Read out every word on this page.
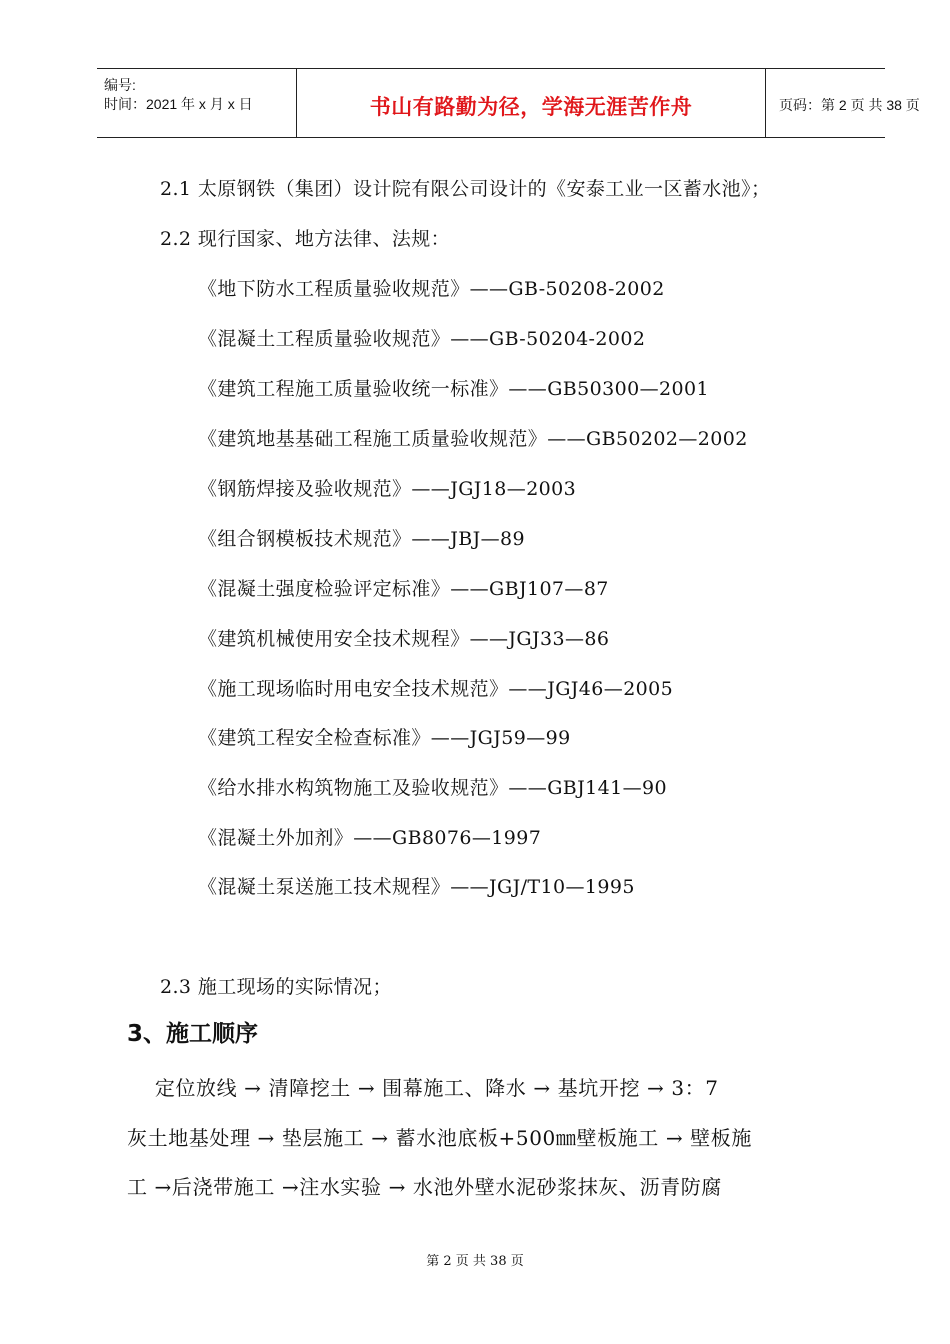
编号:
时间：2021 年 x 月 x 日	书山有路勤为径，学海无涯苦作舟	页码：第 2 页 共 38 页
2.1 太原钢铁（集团）设计院有限公司设计的《安泰工业一区蓄水池》；
2.2 现行国家、地方法律、法规：
《地下防水工程质量验收规范》——GB-50208-2002
《混凝土工程质量验收规范》——GB-50204-2002
《建筑工程施工质量验收统一标准》——GB50300—2001
《建筑地基基础工程施工质量验收规范》——GB50202—2002
《钢筋焊接及验收规范》——JGJ18—2003
《组合钢模板技术规范》——JBJ—89
《混凝土强度检验评定标准》——GBJ107—87
《建筑机械使用安全技术规程》——JGJ33—86
《施工现场临时用电安全技术规范》——JGJ46—2005
《建筑工程安全检查标准》——JGJ59—99
《给水排水构筑物施工及验收规范》——GBJ141—90
《混凝土外加剂》——GB8076—1997
《混凝土泵送施工技术规程》——JGJ/T10—1995
2.3 施工现场的实际情况；
3、施工顺序
定位放线 → 清障挖土 → 围幕施工、降水 → 基坑开挖 → 3：7
灰土地基处理 → 垫层施工 → 蓄水池底板+500㎜壁板施工 → 壁板施
工 →后浇带施工 →注水实验 → 水池外壁水泥砂浆抹灰、沥青防腐
第 2 页 共 38 页
